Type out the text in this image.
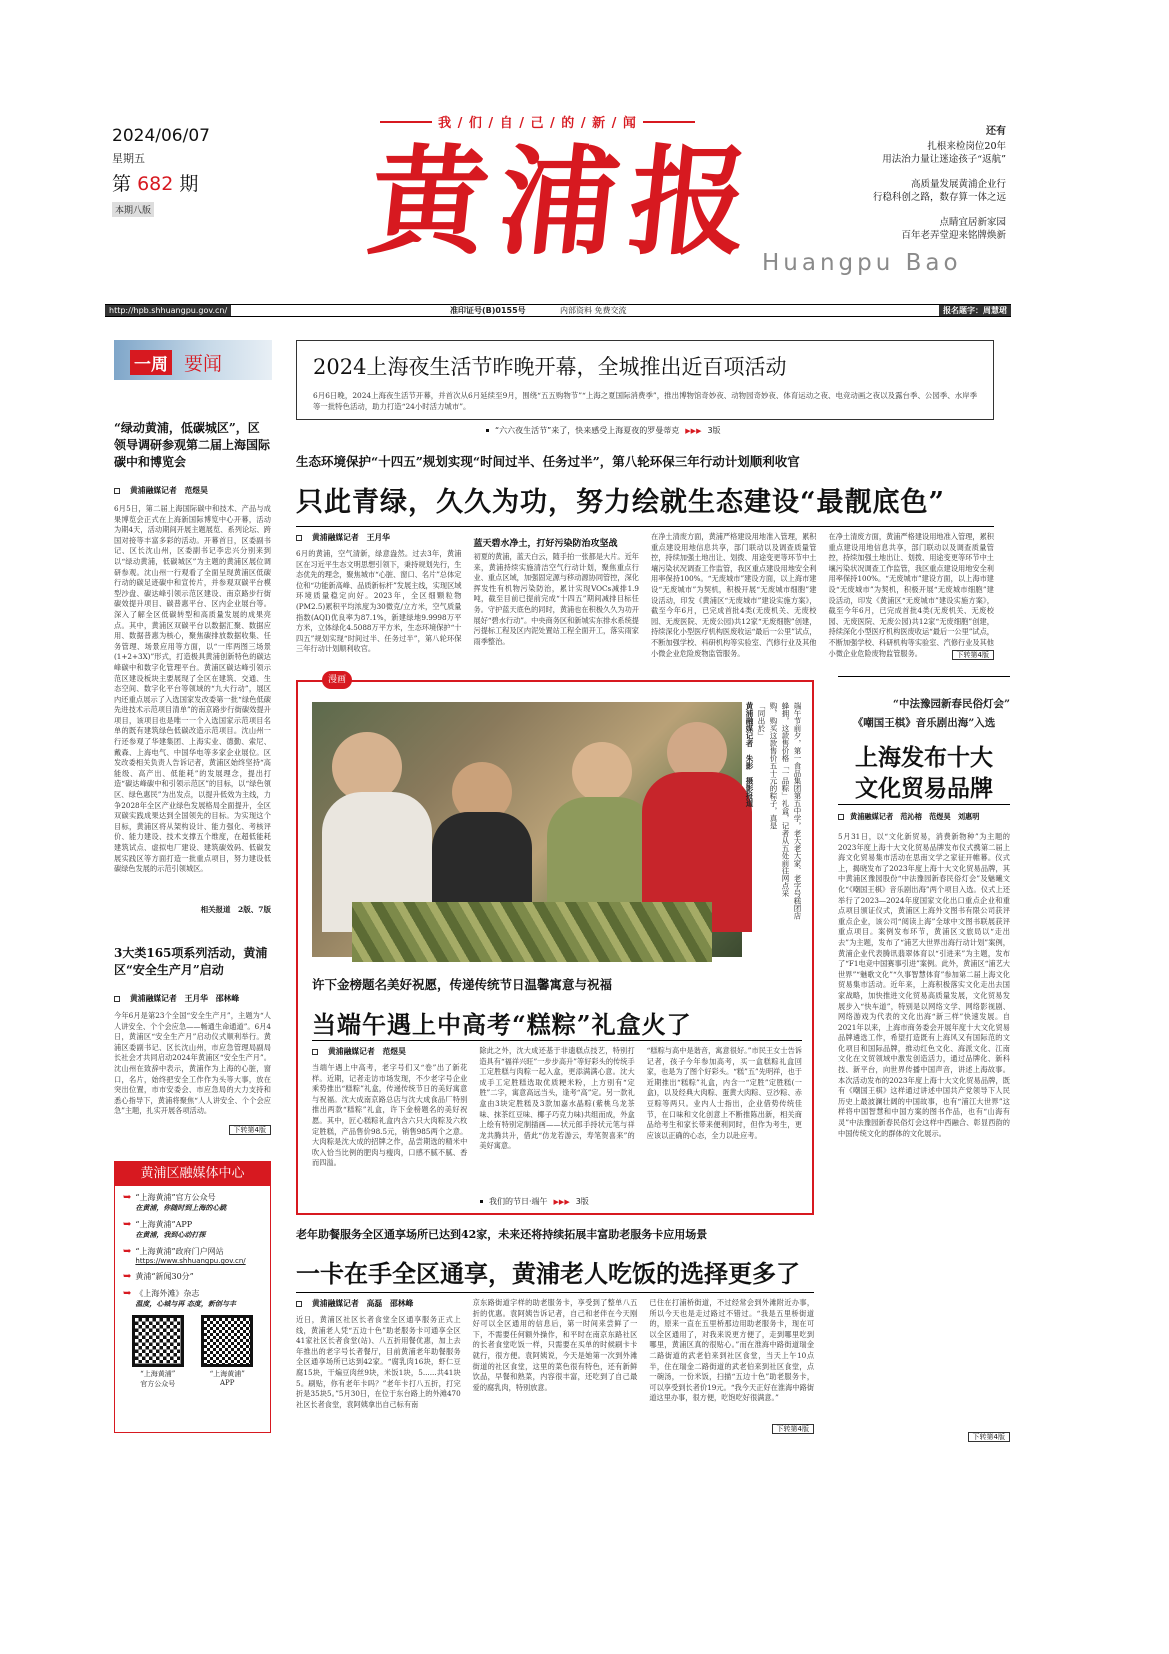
2024/06/07
星期五
第 682 期
本期八版
我 / 们 / 自 / 己 / 的 / 新 / 闻
黄浦报
Huangpu Bao
还有
扎根来检岗位20年
用法治力量让迷途孩子“返航”
高质量发展黄浦企业行
行稳科创之路，数存算一体之远
点睛宜居新家园
百年老弄堂迎来铭牌焕新
http://hpb.shhuangpu.gov.cn/	准印证号(B)0155号	内部资料 免费交流	报名题字：周慧珺
一周 要闻
“绿动黄浦，低碳城区”，区领导调研参观第二届上海国际碳中和博览会
黄浦融媒记者　范煜昊
6月5日，第二届上海国际碳中和技术、产品与成果博览会正式在上海新国际博览中心开幕，活动为期4天，活动期间开展主题展览、系列论坛、跨国对接等丰富多彩的活动。开幕首日，区委副书记、区长沈山州，区委副书记李忠兴分别来到以“绿动黄浦，低碳城区”为主题的黄浦区展位调研参观。沈山州一行观看了全面呈现黄浦区低碳行动的碳足迹碳中和宣传片，并参观双碳平台模型沙盘、碳达峰引领示范区建设、南京路步行街碳效提升项目、碳普惠平台、区内企业展台等。深入了解全区低碳转型和高质量发展的成果亮点。其中，黄浦区双碳平台以数据汇聚、数据应用、数据普惠为核心，聚焦碳排放数据收集、任务管理、场景应用等方面，以“一库两图三场景(1+2+3X)”形式，打造极具黄浦创新特色的碳达峰碳中和数字化管理平台。黄浦区碳达峰引领示范区建设板块主要展现了全区在建筑、交通、生态空间、数字化平台等领域的“九大行动”，展区内还重点展示了入选国家发改委第一批“绿色低碳先进技术示范项目清单”的南京路步行街碳效提升项目，该项目也是唯一一个入选国家示范项目名单的既有建筑绿色低碳改造示范项目。沈山州一行还参观了华建集团、上海实业、德勤、索尼、戴森、上海电气、中国华电等多家企业展位。区发改委相关负责人告诉记者，黄浦区始终坚持“高能级、高产出、低能耗”的发展理念，提出打造“碳达峰碳中和引领示范区”的目标，以“绿色領区、绿色惠民”为出发点，以提升低效为主线，力争2028年全区产业绿色发展格局全面提升，全区双碳实践成果达到全国领先的目标。为实现这个目标，黄浦区将从架构设计、能力强化、考核评价、能力建设、技术支撑五个维度，在超低能耗建筑试点、虚拟电厂建设、建筑碳效码、低碳发展实践区等方面打造一批重点项目，努力建设低碳绿色发展的示范引领城区。
相关报道　2版、7版
3大类165项系列活动，黄浦区“安全生产月”启动
黄浦融媒记者　王月华　邵林峰
今年6月是第23个全国“安全生产月”，主题为“人人讲安全、个个会应急——畅通生命通道”。6月4日，黄浦区“安全生产月”启动仪式顺利举行。黄浦区委副书记、区长沈山州，市应急管理局副局长社会才共同启动2024年黄浦区“安全生产月”。沈山州在致辞中表示，黄浦作为上海的心脏，窗口，名片，始终把安全工作作为头等大事，放在突出位置，市市安委会、市应急局的大力支持和悉心指导下，黄浦将聚焦“人人讲安全、个个会应急”主题，扎实开展各项活动。
下转第4版
黄浦区融媒体中心
➥ “上海黄浦”官方公众号
在黄浦，你随时到上海的心跳
➥ “上海黄浦”APP
在黄浦，我到心动打探
➥ “上海黄浦”政府门户网站
https://www.shhuangpu.gov.cn/
➥ 黄浦“新闻30分”
➥ 《上海外滩》杂志
温度，心城与再 态度，新创与丰
“上海黄浦”
官方公众号
“上海黄浦”
APP
2024上海夜生活节昨晚开幕，全城推出近百项活动
6月6日晚，2024上海夜生活节开幕，并首次从6月延续至9月，围绕“五五购物节”“上海之夏国际消费季”，推出博物馆奇妙夜、动物园奇妙夜、体育运动之夜、电竞动画之夜以及露台季、公园季、水岸季等一批特色活动，助力打造“24小时活力城市”。
“六六夜生活节”来了，快来感受上海夏夜的罗曼蒂克 ▶▶▶ 3版
生态环境保护“十四五”规划实现“时间过半、任务过半”，第八轮环保三年行动计划顺利收官
只此青绿，久久为功，努力绘就生态建设“最靓底色”
黄浦融媒记者　王月华
6月的黄浦，空气清新，绿意盎然。过去3年，黄浦区在习近平生态文明思想引领下，秉持规划先行，生态优先的理念，聚焦城市“心脏、窗口、名片”总体定位和“功能新高峰、品质新标杆”发展主线，实现区域环境质量稳定向好。2023年，全区细颗粒物(PM2.5)累积平均浓度为30微克/立方米，空气质量指数(AQI)优良率为87.1%，新建绿地9.9998万平方米，立体绿化4.5088万平方米，生态环境保护“十四五”规划实现“时间过半、任务过半”，第八轮环保三年行动计划顺利收官。
蓝天碧水净土，打好污染防治攻坚战
初夏的黄浦，蓝天白云，随手拍一张都是大片。近年来，黄浦持续实施清洁空气行动计划，聚焦重点行业、重点区域，加强固定源与移动源协同管控，深化挥发性有机物污染防治，累计实现VOCs减排1.9吨，截至目前已提前完成“十四五”期间减排目标任务。守护蓝天底色的同时，黄浦也在积极久久为功开展好“碧水行动”。中央商务区和新城实东排水系统提污提标工程及区内泥处置站工程全面开工，落实雨家雨季整治。
在净土清废方面，黄浦严格建设用地准入管理，累积重点建设用地信息共享，部门联动以及调查质量管控，持续加强土地出让、划拨、用途变更等环节中土壤污染状况调查工作监管，我区重点建设用地安全利用率保持100%。“无废城市”建设方面，以上海市建设“无废城市”为契机，积极开展“无废城市细胞”建设活动，印发《黄浦区“无废城市”建设实施方案》，截至今年6月，已完成首批4类(无废机关、无废校园、无废医院、无废公园)共12家“无废细胞”创建，持续深化小型医疗机构医废收运“最后一公里”试点，不断加强学校、科研机构等实验室、汽修行业及其他小微企业危险废物监管服务。
在净土清废方面，黄浦严格建设用地准入管理，累积重点建设用地信息共享，部门联动以及调查质量管控，持续加强土地出让、划拨、用途变更等环节中土壤污染状况调查工作监管，我区重点建设用地安全利用率保持100%。“无废城市”建设方面，以上海市建设“无废城市”为契机，积极开展“无废城市细胞”建设活动，印发《黄浦区“无废城市”建设实施方案》，截至今年6月，已完成首批4类(无废机关、无废校园、无废医院、无废公园)共12家“无废细胞”创建，持续深化小型医疗机构医废收运“最后一公里”试点，不断加强学校、科研机构等实验室、汽修行业及其他小微企业危险废物监管服务。	下转第4版
漫画
端午节前夕，第一食品集团第五中学，老大老大家、老字号糕团店
蜂拥，这款售价格「一品粽」礼盒，记者从五处前往网点采
购，购买这款售价五十元的粽子，真是
「同出於」
黄浦融媒记者　朱影　摄影报道
许下金榜题名美好祝愿，传递传统节日温馨寓意与祝福
当端午遇上中高考“糕粽”礼盒火了
黄浦融媒记者　范煜昊
当端午遇上中高考，老字号们又“卷”出了新花样。近期，记者走访市场发现，不少老字号企业乘势推出“糕粽”礼盒，传递传统节日的美好寓意与祝福。沈大成南京路总店与沈大成食品厂特别推出两款“糕粽”礼盒，许下金榜题名的美好祝愿。其中，匠心糕粽礼盒内含六只大肉粽及六枚定胜糕，产品售价98.5元，销售985两个之意。大肉粽是沈大成的招牌之作，品尝期选的精米中吹入恰当比例的肥肉与瘦肉，口感不腻不腻、香而四溢。
除此之外，沈大成还基于非遗糕点技艺，特别打造具有“福祥兴旺”一步步高升”等好彩头的传统手工定胜糕与肉粽一起入盒，更添满满心意。沈大成手工定胜糕选取优质粳米粉，上方别有“定胜”二字，寓意高远当头，逢考“高”定。另一款礼盒由3块定胜糕及3款加嘉水晶粽(紫桃乌龙茶味、抹茶红豆味、椰子巧克力味)共组而成，外盒上绘有特别定制插画——状元郎手持状元笔与祥龙共腾共升，借此“仿龙若游云，寿笔贺喜来”的美好寓意。
“糕粽与高中是谐音，寓意很好。”市民王女士告诉记者，孩子今年参加高考，买一盒糕粽礼盒回家，也是为了图个好彩头。“糕”五”先明祥，也于近期推出“糕粽”礼盒，内含一“定胜”定胜糕(一盒)，以及经典大肉粽、蛋黄大肉粽、豆沙粽、赤豆粽等两只。业内人士指出，企业借势传统佳节，在口味和文化创意上不断推陈出新，相关商品给考生和家长带来便利同时，但作为考生，更应该以正确的心态，全力以赴应考。
我们的节日·端午 ▶▶▶ 3版
老年助餐服务全区通享场所已达到42家，未来还将持续拓展丰富助老服务卡应用场景
一卡在手全区通享，黄浦老人吃饭的选择更多了
黄浦融媒记者　高磊　邵林峰
近日，黄浦区社区长者食堂全区通享服务正式上线，黄浦老人凭“五边十色”助老服务卡可通享全区41家社区长者食堂(站)、八五折用餐优惠，加上去年推出的老字号长者餐厅，目前黄浦老年助餐服务全区通享场所已达到42家。“腐乳肉16块，虾仁豆腐15块，干煸豆肉丝9块，米饭1块，5......共41块5。刷贴，你有老年卡吗？”老年卡打八五折，打完折是35块5。”5月30日，在位于东台路上的外滩470社区长者食堂，袁阿姨拿出自己标有南
京东路街道字样的助老服务卡，享受到了整单八五折的优惠。袁阿姨告诉记者，自己和老伴在今天刚好可以全区通用的信息后，第一时间来尝鲜了一下，不需要任何额外操作，和平时在南京东路社区的长者食堂吃饭一样，只需要在买单的时候刷卡卡就行，很方便。袁阿姨说，今天是她第一次到外滩街道的社区食堂，这里的菜色很有特色，还有新鲜饮品，早餐和熟菜，内容很丰富，还吃到了自己最爱的腐乳肉，特别放意。
已住在打浦桥街道，不过经常会到外滩附近办事，所以今天也是走过路过不错过。“我是五里桥街道的，原来一直在五里桥那边用助老服务卡，现在可以全区通用了，对我来说更方便了，走到哪里吃到哪里，黄浦区真的很贴心。”而在淮海中路街道瑞金二路街道的武老伯来到社区食堂，当天上午10点半，住在瑞金二路街道的武老伯来到社区食堂，点一碗汤，一份米饭，扫描“五边十色”助老服务卡，可以享受到长者价19元。“我今天正好在淮海中路街道这里办事，很方便，吃饱吃好很满意。”
下转第4版
“中法豫园新春民俗灯会”
《嘲国王棋》音乐剧出海”入选
上海发布十大文化贸易品牌
黄浦融媒记者　范沁榕　范煜昊　刘惠明
5月31日，以“文化新贸易，消费新物种”为主题的2023年度上海十大文化贸易品牌发布仪式携第二届上海文化贸易集市活动在思南文学之家征开帷幕。仪式上，揭晓发布了2023年度上海十大文化贸易品牌，其中黄浦区豫园股份“中法豫园新春民俗灯会”及魅曦文化“《嘲国王棋》音乐剧出海”两个项目入选。仪式上还举行了2023—2024年度国家文化出口重点企业和重点项目颁证仪式，黄浦区上海外文图书有限公司获评重点企业，该公司“阅读上海”全球中文图书联展获评重点项目。案例发布环节，黄浦区文旅局以“走出去”为主题，发布了“浦艺大世界出海行动计划”案例，黄浦企业代表腾讯翡翠体育以“引进来”为主题，发布了“F1电竞中国赛事引进”案例。此外，黄浦区“浦艺大世界”“魅歌文化”“久事智慧体育”参加第二届上海文化贸易集市活动。近年来，上海积极落实文化走出去国家战略，加快推进文化贸易高质量发展，文化贸易发展步入“快车道”，特别是以网络文学、网络影视剧、网络游戏为代表的文化出海“新三样”快速发展。自2021年以来，上海市商务委会开展年度十大文化贸易品牌遴选工作，希望打造既有上海风又有国际范的文化项目和国际品牌，推动红色文化、海派文化、江南文化在文贸领域中激发创造活力，通过品牌化、新科技、新平台，向世界传播中国声音，讲述上海故事。本次活动发布的2023年度上海十大文化贸易品牌，既有《嘲国王棋》这样通过讲述中国共产党领导下人民历史上最波澜壮阔的中国故事，也有“浦江大世界”这样将中国智慧和中国方案的图书作品，也有“山海有灵”中法豫园新春民俗灯会这样中西融合、彰显西韵的中国传统文化的群体的文化展示。
下转第4版
